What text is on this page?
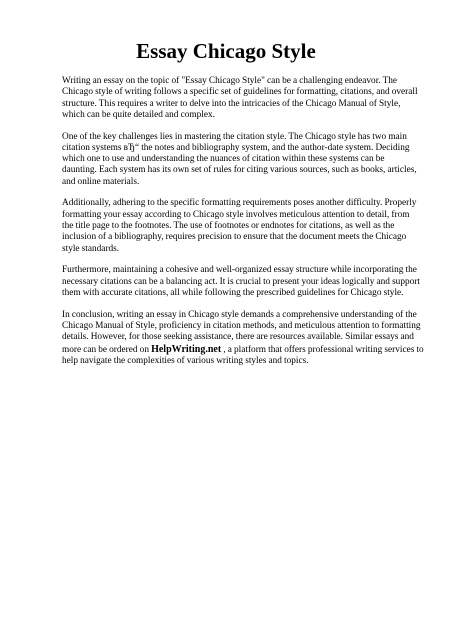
Essay Chicago Style

Writing an essay on the topic of "Essay Chicago Style" can be a challenging endeavor. The
Chicago style of writing follows a specific set of guidelines for formatting, citations, and overall
structure. This requires a writer to delve into the intricacies of the Chicago Manual of Style,
which can be quite detailed and complex.

One of the key challenges lies in mastering the citation style. The Chicago style has two main
citation systems вЂ“ the notes and bibliography system, and the author-date system. Deciding
which one to use and understanding the nuances of citation within these systems can be
daunting. Each system has its own set of rules for citing various sources, such as books, articles,
and online materials.

Additionally, adhering to the specific formatting requirements poses another difficulty. Properly
formatting your essay according to Chicago style involves meticulous attention to detail, from
the title page to the footnotes. The use of footnotes or endnotes for citations, as well as the
inclusion of a bibliography, requires precision to ensure that the document meets the Chicago
style standards.

Furthermore, maintaining a cohesive and well-organized essay structure while incorporating the
necessary citations can be a balancing act. It is crucial to present your ideas logically and support
them with accurate citations, all while following the prescribed guidelines for Chicago style.

In conclusion, writing an essay in Chicago style demands a comprehensive understanding of the
Chicago Manual of Style, proficiency in citation methods, and meticulous attention to formatting
details. However, for those seeking assistance, there are resources available. Similar essays and
more can be ordered on HelpWriting.net , a platform that offers professional writing services to
help navigate the complexities of various writing styles and topics.
